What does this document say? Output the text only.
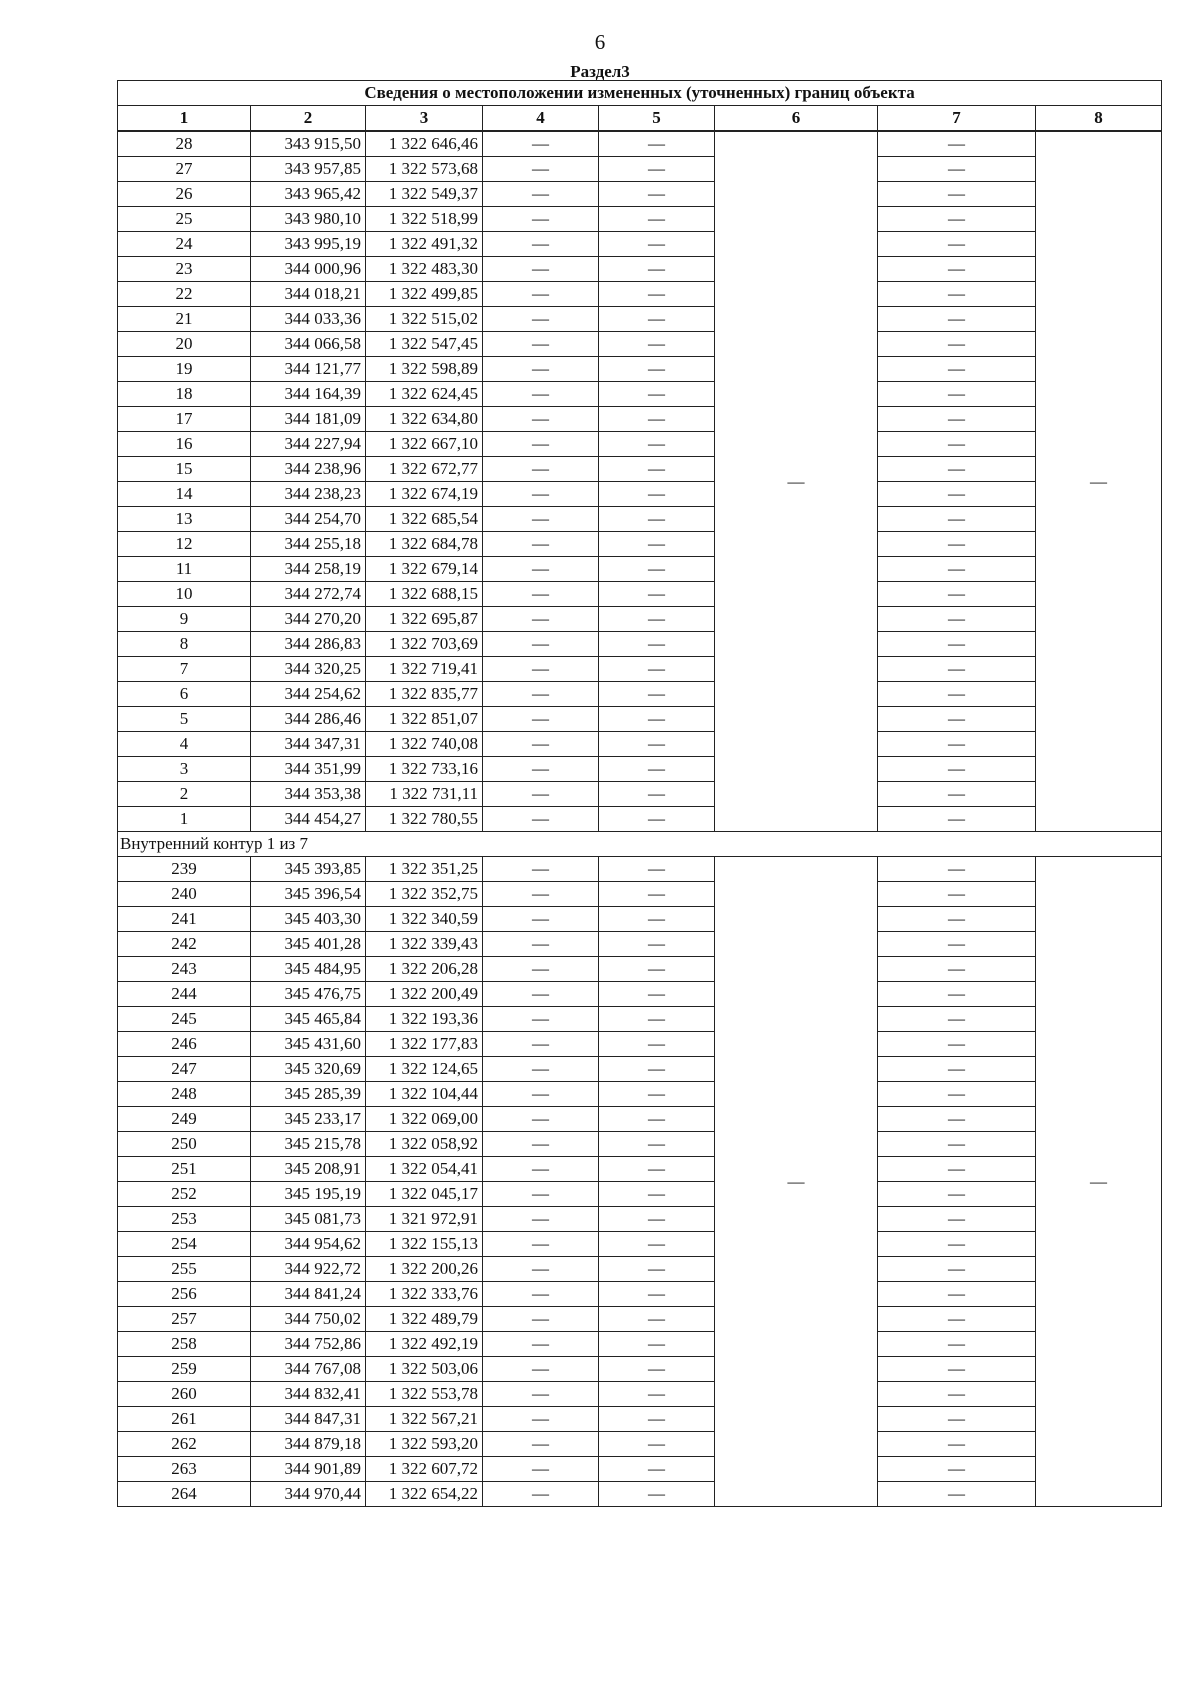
6
Раздел3
Сведения о местоположении измененных (уточненных) границ объекта							
1	2	3	4	5	6	7	8
28	343 915,50	1 322 646,46	—	—	—	—	—
27	343 957,85	1 322 573,68	—	—		—	
26	343 965,42	1 322 549,37	—	—		—	
25	343 980,10	1 322 518,99	—	—		—	
24	343 995,19	1 322 491,32	—	—		—	
23	344 000,96	1 322 483,30	—	—		—	
22	344 018,21	1 322 499,85	—	—		—	
21	344 033,36	1 322 515,02	—	—		—	
20	344 066,58	1 322 547,45	—	—		—	
19	344 121,77	1 322 598,89	—	—		—	
18	344 164,39	1 322 624,45	—	—		—	
17	344 181,09	1 322 634,80	—	—		—	
16	344 227,94	1 322 667,10	—	—		—	
15	344 238,96	1 322 672,77	—	—		—	
14	344 238,23	1 322 674,19	—	—		—	
13	344 254,70	1 322 685,54	—	—		—	
12	344 255,18	1 322 684,78	—	—		—	
11	344 258,19	1 322 679,14	—	—		—	
10	344 272,74	1 322 688,15	—	—		—	
9	344 270,20	1 322 695,87	—	—		—	
8	344 286,83	1 322 703,69	—	—		—	
7	344 320,25	1 322 719,41	—	—		—	
6	344 254,62	1 322 835,77	—	—		—	
5	344 286,46	1 322 851,07	—	—		—	
4	344 347,31	1 322 740,08	—	—		—	
3	344 351,99	1 322 733,16	—	—		—	
2	344 353,38	1 322 731,11	—	—		—	
1	344 454,27	1 322 780,55	—	—		—	
Внутренний контур 1 из 7							
239	345 393,85	1 322 351,25	—	—	—	—	—
240	345 396,54	1 322 352,75	—	—		—	
241	345 403,30	1 322 340,59	—	—		—	
242	345 401,28	1 322 339,43	—	—		—	
243	345 484,95	1 322 206,28	—	—		—	
244	345 476,75	1 322 200,49	—	—		—	
245	345 465,84	1 322 193,36	—	—		—	
246	345 431,60	1 322 177,83	—	—		—	
247	345 320,69	1 322 124,65	—	—		—	
248	345 285,39	1 322 104,44	—	—		—	
249	345 233,17	1 322 069,00	—	—		—	
250	345 215,78	1 322 058,92	—	—		—	
251	345 208,91	1 322 054,41	—	—		—	
252	345 195,19	1 322 045,17	—	—		—	
253	345 081,73	1 321 972,91	—	—		—	
254	344 954,62	1 322 155,13	—	—		—	
255	344 922,72	1 322 200,26	—	—		—	
256	344 841,24	1 322 333,76	—	—		—	
257	344 750,02	1 322 489,79	—	—		—	
258	344 752,86	1 322 492,19	—	—		—	
259	344 767,08	1 322 503,06	—	—		—	
260	344 832,41	1 322 553,78	—	—		—	
261	344 847,31	1 322 567,21	—	—		—	
262	344 879,18	1 322 593,20	—	—		—	
263	344 901,89	1 322 607,72	—	—		—	
264	344 970,44	1 322 654,22	—	—		—	
